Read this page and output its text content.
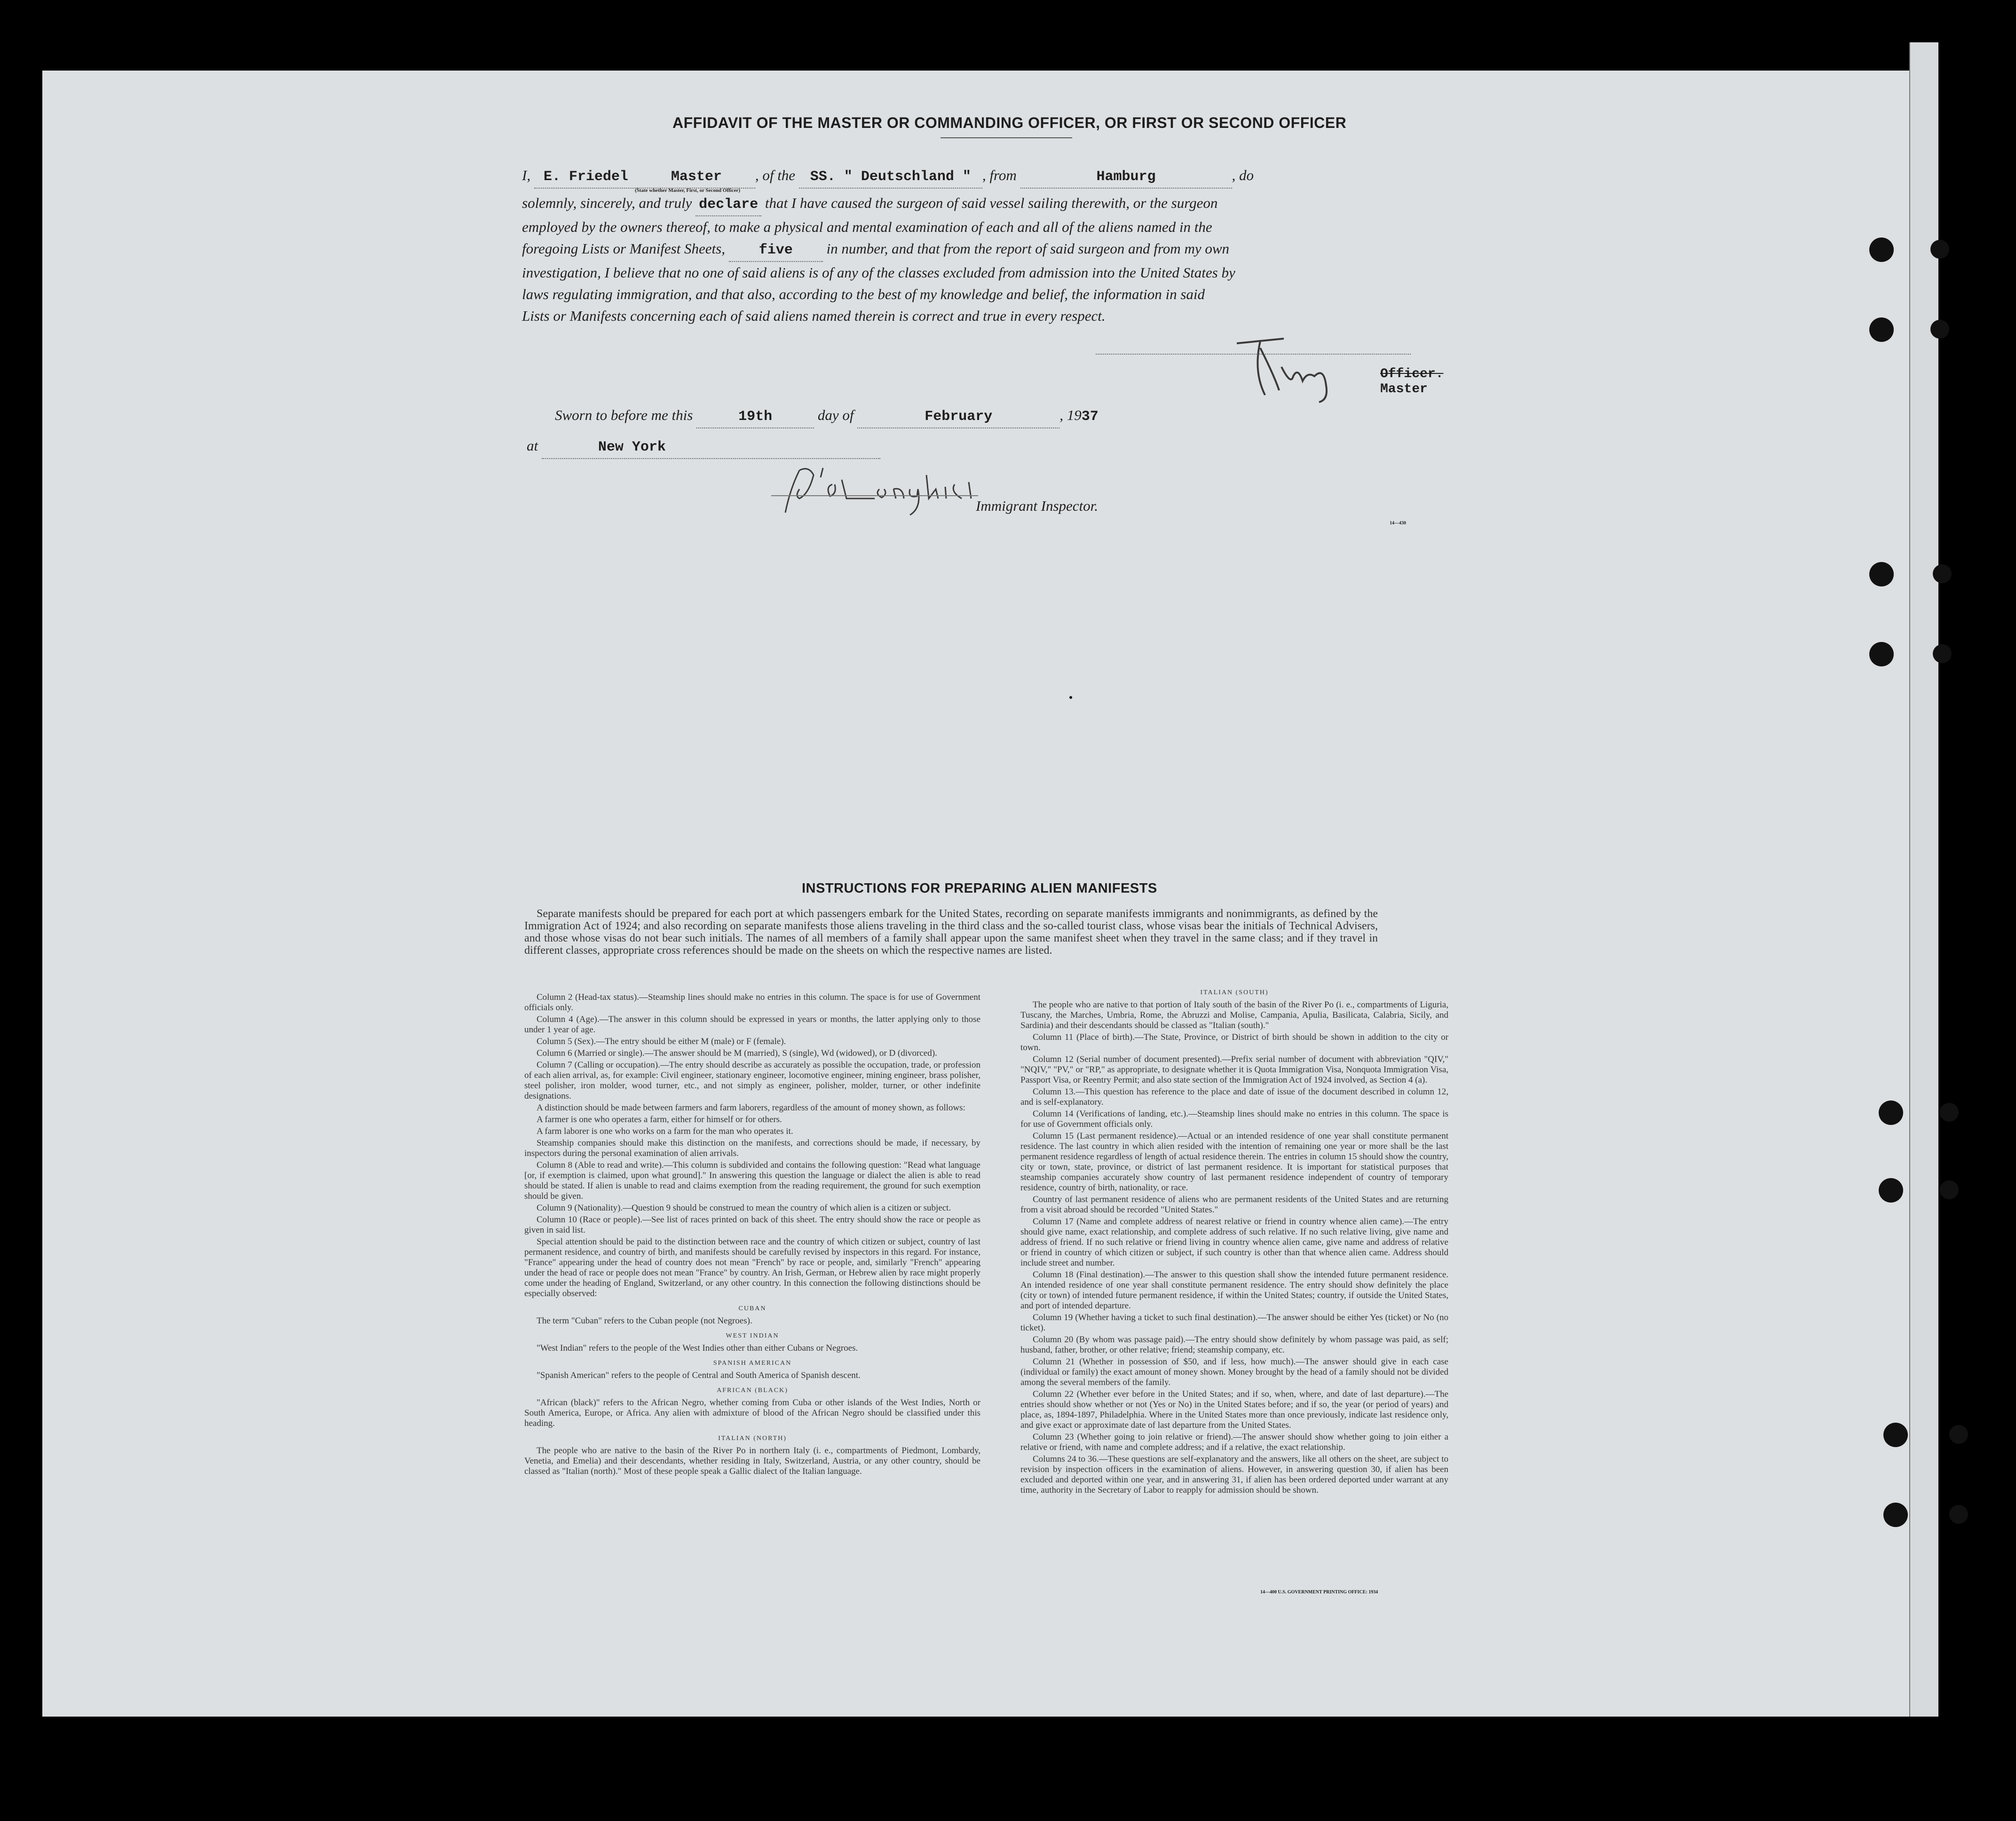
AFFIDAVIT OF THE MASTER OR COMMANDING OFFICER, OR FIRST OR SECOND OFFICER
I, E. Friedel	Master , of the SS. " Deutschland " , from	Hamburg	, do
(State whether Master, First, or Second Officer)
solemnly, sincerely, and truly declare that I have caused the surgeon of said vessel sailing therewith, or the surgeon
employed by the owners thereof, to make a physical and mental examination of each and all of the aliens named in the
foregoing Lists or Manifest Sheets, five in number, and that from the report of said surgeon and from my own
investigation, I believe that no one of said aliens is of any of the classes excluded from admission into the United States by
laws regulating immigration, and that also, according to the best of my knowledge and belief, the information in said
Lists or Manifests concerning each of said aliens named therein is correct and true in every respect.
Officer.
Master
Sworn to before me this	19th	day of	February	, 1937
at	New York
Immigrant Inspector.
14—430
INSTRUCTIONS FOR PREPARING ALIEN MANIFESTS

Separate manifests should be prepared for each port at which passengers embark for the United States, recording on separate manifests immigrants and nonimmigrants, as defined by the Immigration Act of 1924; and also recording on separate manifests those aliens traveling in the third class and the so-called tourist class, whose visas bear the initials of Technical Advisers, and those whose visas do not bear such initials. The names of all members of a family shall appear upon the same manifest sheet when they travel in the same class; and if they travel in different classes, appropriate cross references should be made on the sheets on which the respective names are listed.

Column 2 (Head-tax status).—Steamship lines should make no entries in this column. The space is for use of Government officials only.

Column 4 (Age).—The answer in this column should be expressed in years or months, the latter applying only to those under 1 year of age.

Column 5 (Sex).—The entry should be either M (male) or F (female).

Column 6 (Married or single).—The answer should be M (married), S (single), Wd (widowed), or D (divorced).

Column 7 (Calling or occupation).—The entry should describe as accurately as possible the occupation, trade, or profession of each alien arrival, as, for example: Civil engineer, stationary engineer, locomotive engineer, mining engineer, brass polisher, steel polisher, iron molder, wood turner, etc., and not simply as engineer, polisher, molder, turner, or other indefinite designations.

A distinction should be made between farmers and farm laborers, regardless of the amount of money shown, as follows:

A farmer is one who operates a farm, either for himself or for others.

A farm laborer is one who works on a farm for the man who operates it.

Steamship companies should make this distinction on the manifests, and corrections should be made, if necessary, by inspectors during the personal examination of alien arrivals.

Column 8 (Able to read and write).—This column is subdivided and contains the following question: "Read what language [or, if exemption is claimed, upon what ground]." In answering this question the language or dialect the alien is able to read should be stated. If alien is unable to read and claims exemption from the reading requirement, the ground for such exemption should be given.

Column 9 (Nationality).—Question 9 should be construed to mean the country of which alien is a citizen or subject.

Column 10 (Race or people).—See list of races printed on back of this sheet. The entry should show the race or people as given in said list.

Special attention should be paid to the distinction between race and the country of which citizen or subject, country of last permanent residence, and country of birth, and manifests should be carefully revised by inspectors in this regard. For instance, "France" appearing under the head of country does not mean "French" by race or people, and, similarly "French" appearing under the head of race or people does not mean "France" by country. An Irish, German, or Hebrew alien by race might properly come under the heading of England, Switzerland, or any other country. In this connection the following distinctions should be especially observed:

CUBAN

The term "Cuban" refers to the Cuban people (not Negroes).

WEST INDIAN

"West Indian" refers to the people of the West Indies other than either Cubans or Negroes.

SPANISH AMERICAN

"Spanish American" refers to the people of Central and South America of Spanish descent.

AFRICAN (BLACK)

"African (black)" refers to the African Negro, whether coming from Cuba or other islands of the West Indies, North or South America, Europe, or Africa. Any alien with admixture of blood of the African Negro should be classified under this heading.

ITALIAN (NORTH)

The people who are native to the basin of the River Po in northern Italy (i. e., compartments of Piedmont, Lombardy, Venetia, and Emelia) and their descendants, whether residing in Italy, Switzerland, Austria, or any other country, should be classed as "Italian (north)." Most of these people speak a Gallic dialect of the Italian language.

ITALIAN (SOUTH)

The people who are native to that portion of Italy south of the basin of the River Po (i. e., compartments of Liguria, Tuscany, the Marches, Umbria, Rome, the Abruzzi and Molise, Campania, Apulia, Basilicata, Calabria, Sicily, and Sardinia) and their descendants should be classed as "Italian (south)."

Column 11 (Place of birth).—The State, Province, or District of birth should be shown in addition to the city or town.

Column 12 (Serial number of document presented).—Prefix serial number of document with abbreviation "QIV," "NQIV," "PV," or "RP," as appropriate, to designate whether it is Quota Immigration Visa, Nonquota Immigration Visa, Passport Visa, or Reentry Permit; and also state section of the Immigration Act of 1924 involved, as Section 4 (a).

Column 13.—This question has reference to the place and date of issue of the document described in column 12, and is self-explanatory.

Column 14 (Verifications of landing, etc.).—Steamship lines should make no entries in this column. The space is for use of Government officials only.

Column 15 (Last permanent residence).—Actual or an intended residence of one year shall constitute permanent residence. The last country in which alien resided with the intention of remaining one year or more shall be the last permanent residence regardless of length of actual residence therein. The entries in column 15 should show the country, city or town, state, province, or district of last permanent residence. It is important for statistical purposes that steamship companies accurately show country of last permanent residence independent of country of temporary residence, country of birth, nationality, or race.

Country of last permanent residence of aliens who are permanent residents of the United States and are returning from a visit abroad should be recorded "United States."

Column 17 (Name and complete address of nearest relative or friend in country whence alien came).—The entry should give name, exact relationship, and complete address of such relative. If no such relative living, give name and address of friend. If no such relative or friend living in country whence alien came, give name and address of relative or friend in country of which citizen or subject, if such country is other than that whence alien came. Address should include street and number.

Column 18 (Final destination).—The answer to this question shall show the intended future permanent residence. An intended residence of one year shall constitute permanent residence. The entry should show definitely the place (city or town) of intended future permanent residence, if within the United States; country, if outside the United States, and port of intended departure.

Column 19 (Whether having a ticket to such final destination).—The answer should be either Yes (ticket) or No (no ticket).

Column 20 (By whom was passage paid).—The entry should show definitely by whom passage was paid, as self; husband, father, brother, or other relative; friend; steamship company, etc.

Column 21 (Whether in possession of $50, and if less, how much).—The answer should give in each case (individual or family) the exact amount of money shown. Money brought by the head of a family should not be divided among the several members of the family.

Column 22 (Whether ever before in the United States; and if so, when, where, and date of last departure).—The entries should show whether or not (Yes or No) in the United States before; and if so, the year (or period of years) and place, as, 1894-1897, Philadelphia. Where in the United States more than once previously, indicate last residence only, and give exact or approximate date of last departure from the United States.

Column 23 (Whether going to join relative or friend).—The answer should show whether going to join either a relative or friend, with name and complete address; and if a relative, the exact relationship.

Columns 24 to 36.—These questions are self-explanatory and the answers, like all others on the sheet, are subject to revision by inspection officers in the examination of aliens. However, in answering question 30, if alien has been excluded and deported within one year, and in answering 31, if alien has been ordered deported under warrant at any time, authority in the Secretary of Labor to reapply for admission should be shown.

14—400 U.S. GOVERNMENT PRINTING OFFICE: 1934
